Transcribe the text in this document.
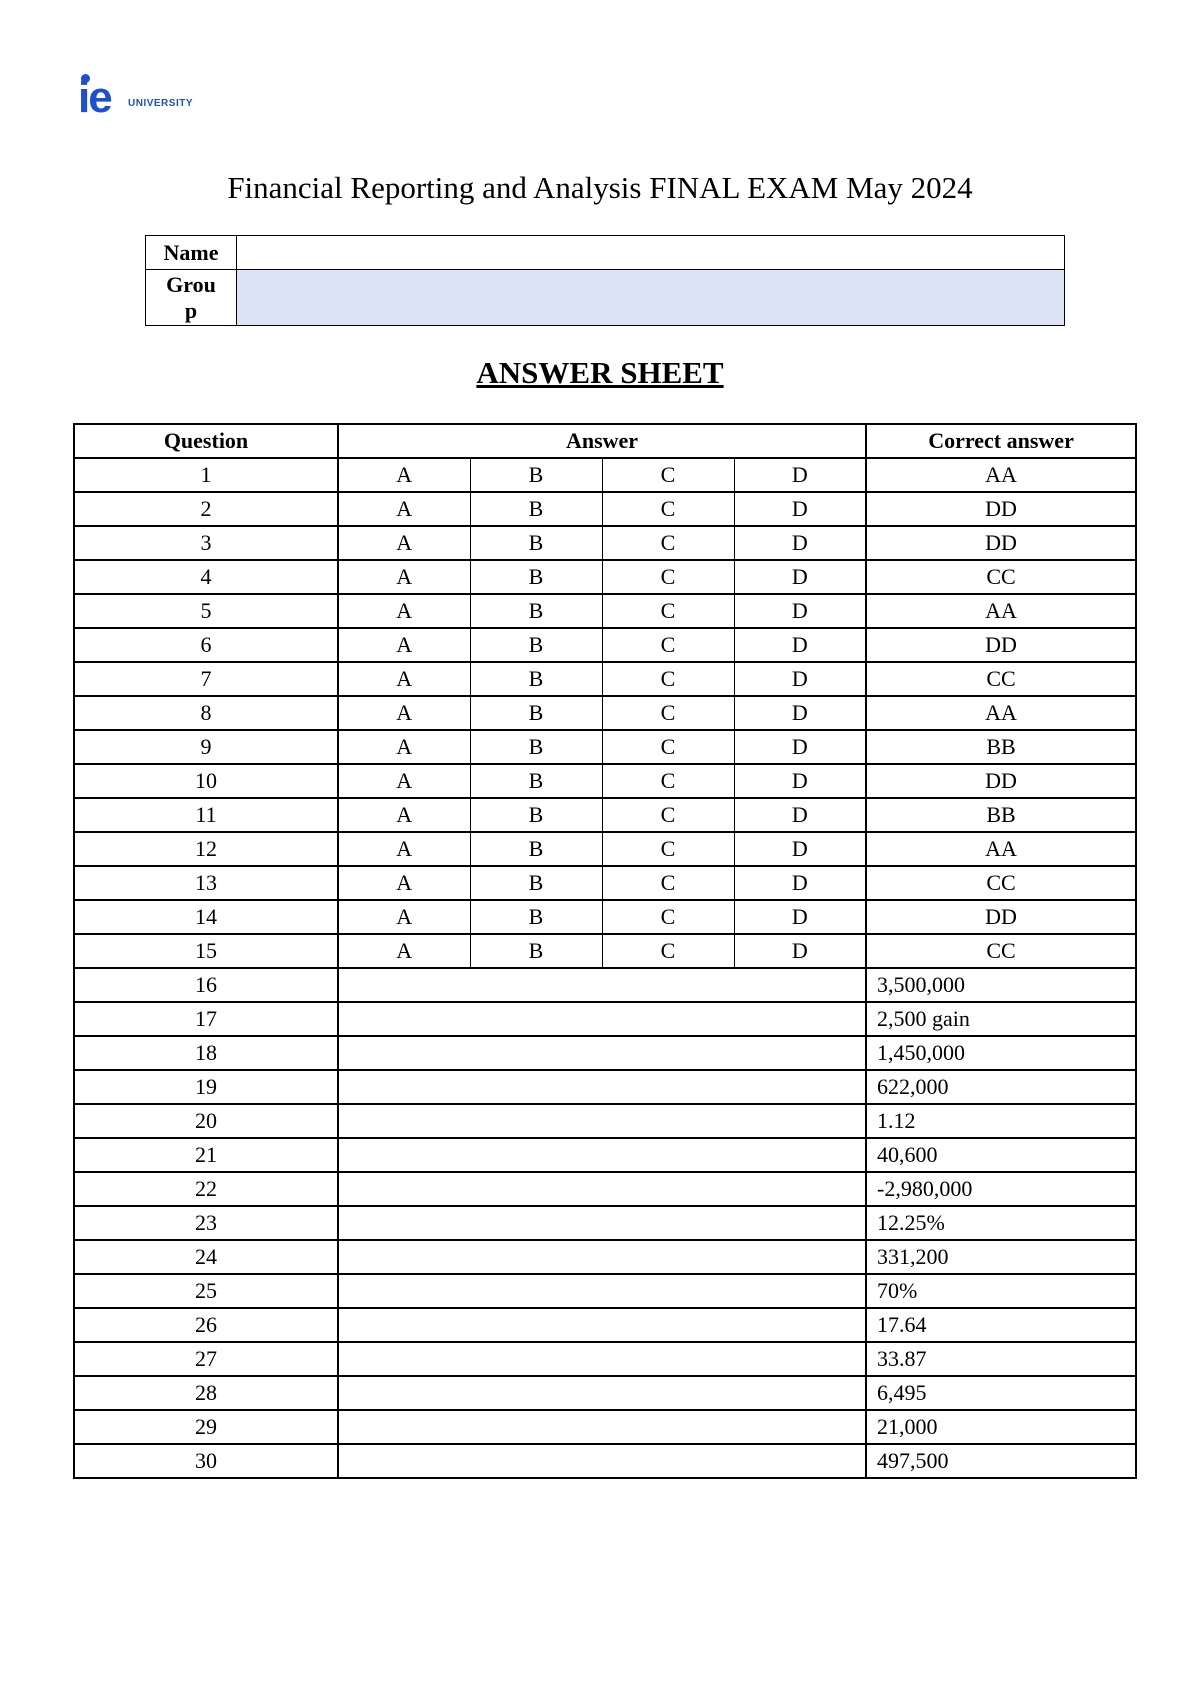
ie UNIVERSITY
Financial Reporting and Analysis FINAL EXAM May 2024
Name	
Grou
p	
ANSWER SHEET
Question	Answer				Correct answer
1	A	B	C	D	AA
2	A	B	C	D	DD
3	A	B	C	D	DD
4	A	B	C	D	CC
5	A	B	C	D	AA
6	A	B	C	D	DD
7	A	B	C	D	CC
8	A	B	C	D	AA
9	A	B	C	D	BB
10	A	B	C	D	DD
11	A	B	C	D	BB
12	A	B	C	D	AA
13	A	B	C	D	CC
14	A	B	C	D	DD
15	A	B	C	D	CC
16					3,500,000
17					2,500 gain
18					1,450,000
19					622,000
20					1.12
21					40,600
22					-2,980,000
23					12.25%
24					331,200
25					70%
26					17.64
27					33.87
28					6,495
29					21,000
30					497,500
